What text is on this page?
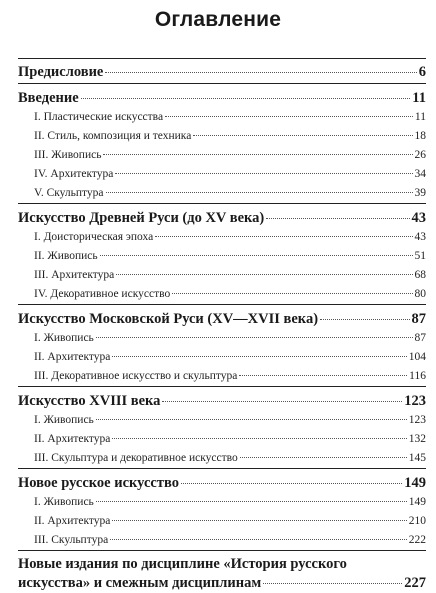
Оглавление
Предисловие	6
Введение	11
I. Пластические искусства	11
II. Стиль, композиция и техника	18
III. Живопись	26
IV. Архитектура	34
V. Скульптура	39
Искусство Древней Руси (до XV века)	43
I. Доисторическая эпоха	43
II. Живопись	51
III. Архитектура	68
IV. Декоративное искусство	80
Искусство Московской Руси (XV—XVII века)	87
I. Живопись	87
II. Архитектура	104
III. Декоративное искусство и скульптура	116
Искусство XVIII века	123
I. Живопись	123
II. Архитектура	132
III. Скульптура и декоративное искусство	145
Новое русское искусство	149
I. Живопись	149
II. Архитектура	210
III. Скульптура	222
Новые издания по дисциплине «История русского
искусства» и смежным дисциплинам	227
